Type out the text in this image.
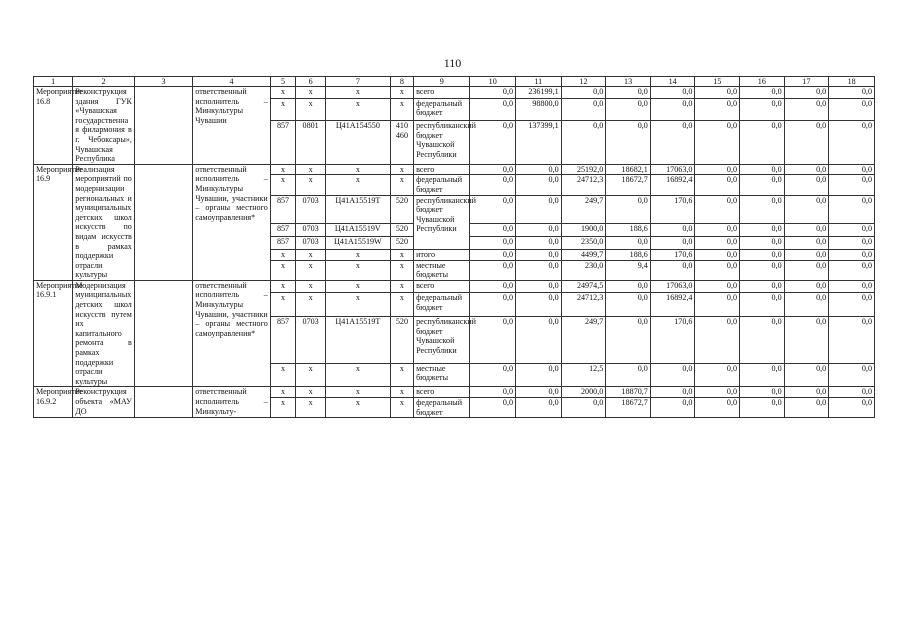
110
1	2	3	4	5	6	7	8	9	10	11	12	13	14	15	16	17	18
Мероприятие 16.8	Реконструкция здания ГУК «Чувашская государственная филармония в г. Чебоксары», Чувашская Республика		ответственный исполнитель – Минкультуры Чувашии	x	x	x	x	всего	0,0	236199,1	0,0	0,0	0,0	0,0	0,0	0,0	0,0
				x	x	x	x	федеральный бюджет	0,0	98800,0	0,0	0,0	0,0	0,0	0,0	0,0	0,0
				857	0801	Ц41А154550	410 460	республиканский бюджет Чувашской Республики	0,0	137399,1	0,0	0,0	0,0	0,0	0,0	0,0	0,0
Мероприятие 16.9	Реализация мероприятий по модернизации региональных и муниципальных детских школ искусств по видам искусств в рамках поддержки отрасли культуры		ответственный исполнитель – Минкультуры Чувашии, участники – органы местного самоуправления*	x	x	x	x	всего	0,0	0,0	25192,0	18682,1	17063,0	0,0	0,0	0,0	0,0
				x	x	x	x	федеральный бюджет	0,0	0,0	24712,3	18672,7	16892,4	0,0	0,0	0,0	0,0
				857	0703	Ц41А15519Т	520	республиканский бюджет Чувашской Республики	0,0	0,0	249,7	0,0	170,6	0,0	0,0	0,0	0,0
				857	0703	Ц41А15519V	520		0,0	0,0	1900,0	188,6	0,0	0,0	0,0	0,0	0,0
				857	0703	Ц41А15519W	520		0,0	0,0	2350,0	0,0	0,0	0,0	0,0	0,0	0,0
				x	x	x	x	итого	0,0	0,0	4499,7	188,6	170,6	0,0	0,0	0,0	0,0
				x	x	x	x	местные бюджеты	0,0	0,0	230,0	9,4	0,0	0,0	0,0	0,0	0,0
Мероприятие 16.9.1	Модернизация муниципальных детских школ искусств путем их капитального ремонта в рамках поддержки отрасли культуры		ответственный исполнитель – Минкультуры Чувашии, участники – органы местного самоуправления*	x	x	x	x	всего	0,0	0,0	24974,5	0,0	17063,0	0,0	0,0	0,0	0,0
				x	x	x	x	федеральный бюджет	0,0	0,0	24712,3	0,0	16892,4	0,0	0,0	0,0	0,0
				857	0703	Ц41А15519Т	520	республиканский бюджет Чувашской Республики	0,0	0,0	249,7	0,0	170,6	0,0	0,0	0,0	0,0
				x	x	x	x	местные бюджеты	0,0	0,0	12,5	0,0	0,0	0,0	0,0	0,0	0,0
Мероприятие 16.9.2	Реконструкция объекта «МАУ ДО		ответственный исполнитель – Минкульту-	x	x	x	x	всего	0,0	0,0	2000,0	18870,7	0,0	0,0	0,0	0,0	0,0
				x	x	x	x	федеральный бюджет	0,0	0,0	0,0	18672,7	0,0	0,0	0,0	0,0	0,0
